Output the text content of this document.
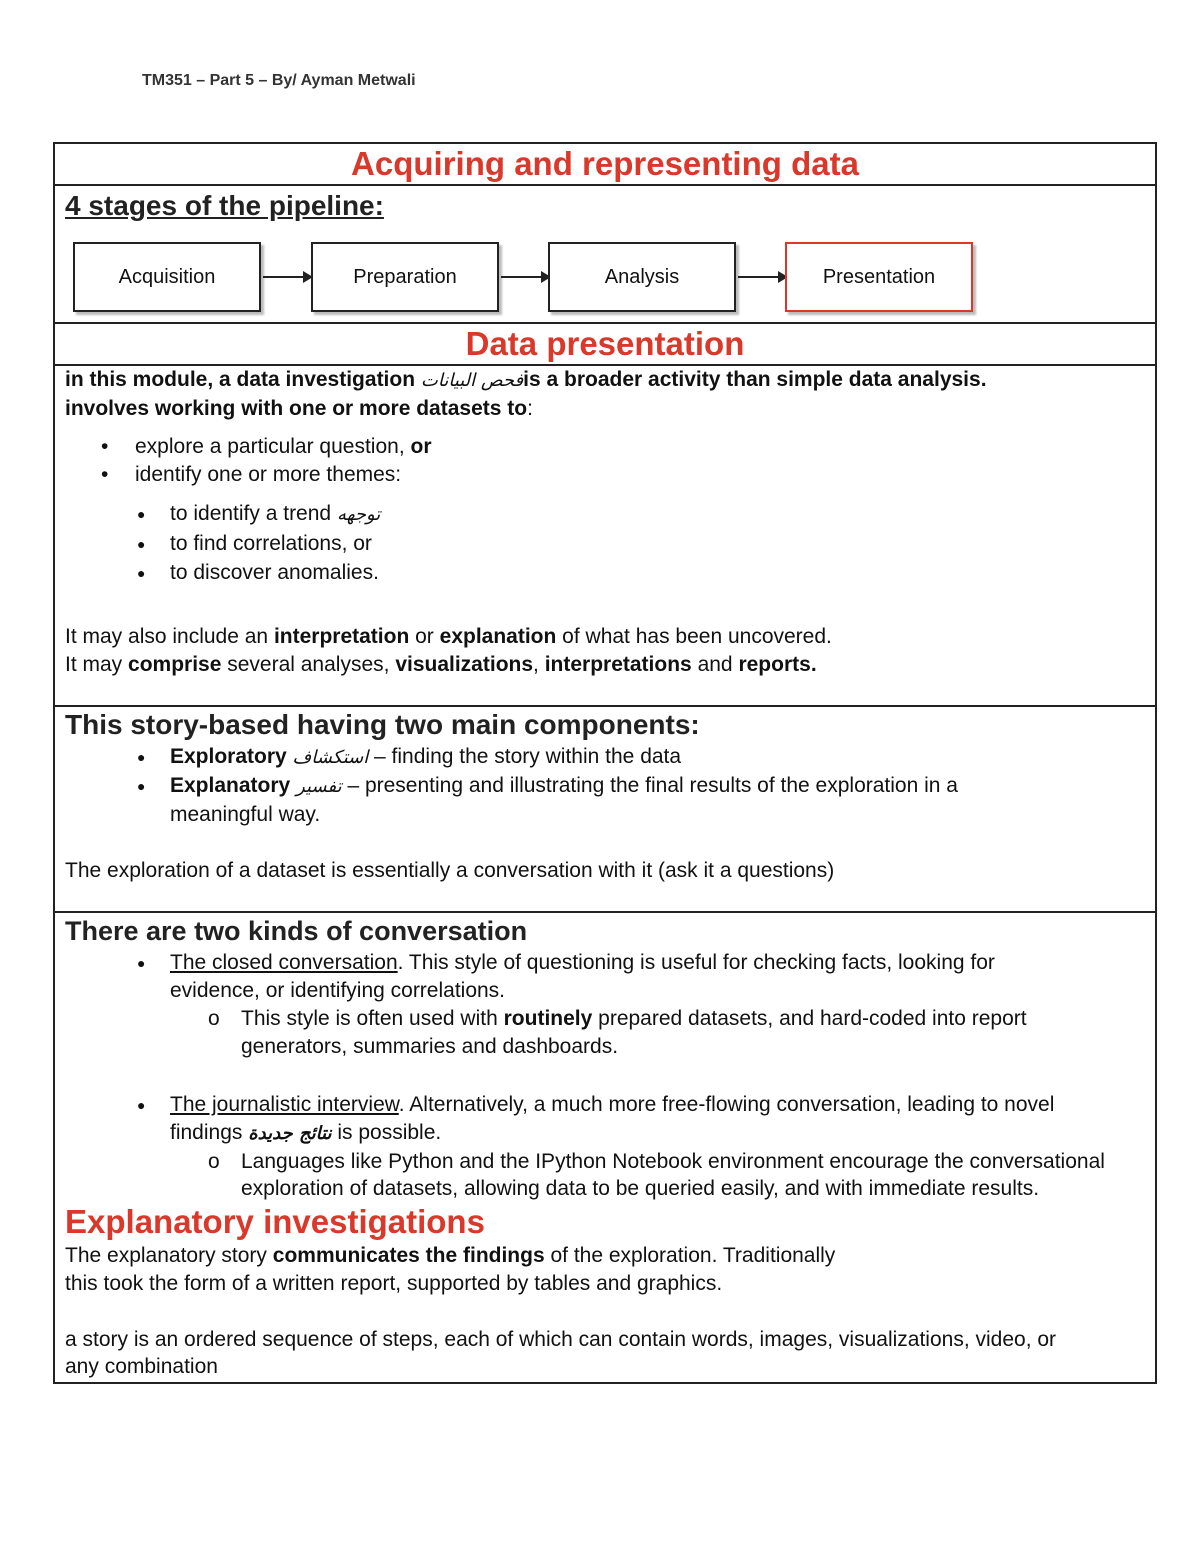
TM351 – Part 5 – By/ Ayman Metwali
Acquiring and representing data
4 stages of the pipeline:
Acquisition	Preparation	Analysis	Presentation
Data presentation

in this module, a data investigation فحص البياناتis a broader activity than simple data analysis.

involves working with one or more datasets to:

• explore a particular question, or
• identify one or more themes:
● to identify a trend توجهه
● to find correlations, or
● to discover anomalies.

It may also include an interpretation or explanation of what has been uncovered.

It may comprise several analyses, visualizations, interpretations and reports.

This story-based having two main components:
● Exploratory استكشاف – finding the story within the data
● Explanatory تفسير – presenting and illustrating the final results of the exploration in a meaningful way.

The exploration of a dataset is essentially a conversation with it (ask it a questions)

There are two kinds of conversation
● The closed conversation. This style of questioning is useful for checking facts, looking for evidence, or identifying correlations.
o This style is often used with routinely prepared datasets, and hard-coded into report generators, summaries and dashboards.
● The journalistic interview. Alternatively, a much more free-flowing conversation, leading to novel findings نتائج جديدة is possible.
o Languages like Python and the IPython Notebook environment encourage the conversational exploration of datasets, allowing data to be queried easily, and with immediate results.
Explanatory investigations

The explanatory story communicates the findings of the exploration. Traditionally

this took the form of a written report, supported by tables and graphics.

a story is an ordered sequence of steps, each of which can contain words, images, visualizations, video, or any combination
